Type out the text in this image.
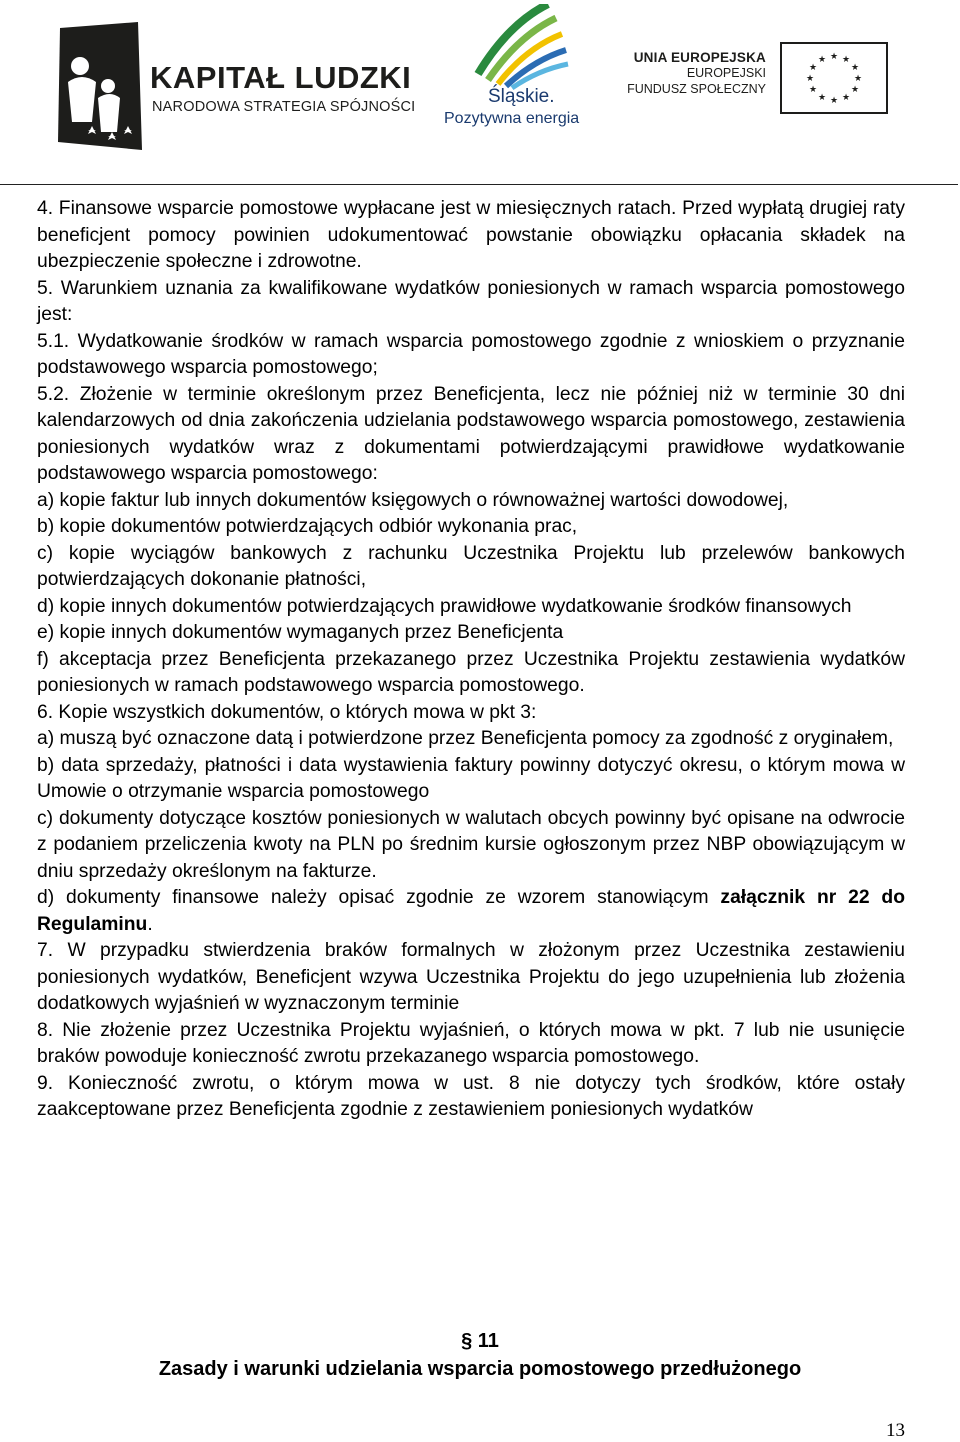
KAPITAŁ LUDZKI
NARODOWA STRATEGIA SPÓJNOŚCI	Śląskie.
Pozytywna energia
UNIA EUROPEJSKA
EUROPEJSKI
FUNDUSZ SPOŁECZNY
★ ★
★
★
★
★
★
★
★
★
★
★

4. Finansowe wsparcie pomostowe wypłacane jest w miesięcznych ratach. Przed wypłatą drugiej raty beneficjent pomocy powinien udokumentować powstanie obowiązku opłacania składek na ubezpieczenie społeczne i zdrowotne.

5. Warunkiem uznania za kwalifikowane wydatków poniesionych w ramach wsparcia pomostowego jest:

5.1. Wydatkowanie środków w ramach wsparcia pomostowego zgodnie z wnioskiem o przyznanie podstawowego wsparcia pomostowego;

5.2. Złożenie w terminie określonym przez Beneficjenta, lecz nie później niż w terminie 30 dni kalendarzowych od dnia zakończenia udzielania podstawowego wsparcia pomostowego, zestawienia poniesionych wydatków wraz z dokumentami potwierdzającymi prawidłowe wydatkowanie podstawowego wsparcia pomostowego:

a) kopie faktur lub innych dokumentów księgowych o równoważnej wartości dowodowej,

b) kopie dokumentów potwierdzających odbiór wykonania prac,

c) kopie wyciągów bankowych z rachunku Uczestnika Projektu lub przelewów bankowych potwierdzających dokonanie płatności,

d) kopie innych dokumentów potwierdzających prawidłowe wydatkowanie środków finansowych

e) kopie innych dokumentów wymaganych przez Beneficjenta

f) akceptacja przez Beneficjenta przekazanego przez Uczestnika Projektu zestawienia wydatków poniesionych w ramach podstawowego wsparcia pomostowego.

6. Kopie wszystkich dokumentów, o których mowa w pkt 3:

a) muszą być oznaczone datą i potwierdzone przez Beneficjenta pomocy za zgodność z oryginałem,

b) data sprzedaży, płatności i data wystawienia faktury powinny dotyczyć okresu, o którym mowa w Umowie o otrzymanie wsparcia pomostowego

c) dokumenty dotyczące kosztów poniesionych w walutach obcych powinny być opisane na odwrocie z podaniem przeliczenia kwoty na PLN po średnim kursie ogłoszonym przez NBP obowiązującym w dniu sprzedaży określonym na fakturze.

d) dokumenty finansowe należy opisać zgodnie ze wzorem stanowiącym załącznik nr 22 do Regulaminu.

7. W przypadku stwierdzenia braków formalnych w złożonym przez Uczestnika zestawieniu poniesionych wydatków, Beneficjent wzywa Uczestnika Projektu do jego uzupełnienia lub złożenia dodatkowych wyjaśnień w wyznaczonym terminie

8. Nie złożenie przez Uczestnika Projektu wyjaśnień, o których mowa w pkt. 7 lub nie usunięcie braków powoduje konieczność zwrotu przekazanego wsparcia pomostowego.

9. Konieczność zwrotu, o którym mowa w ust. 8 nie dotyczy tych środków, które ostały zaakceptowane przez Beneficjenta zgodnie z zestawieniem poniesionych wydatków

§ 11
Zasady i warunki udzielania wsparcia pomostowego przedłużonego
13
